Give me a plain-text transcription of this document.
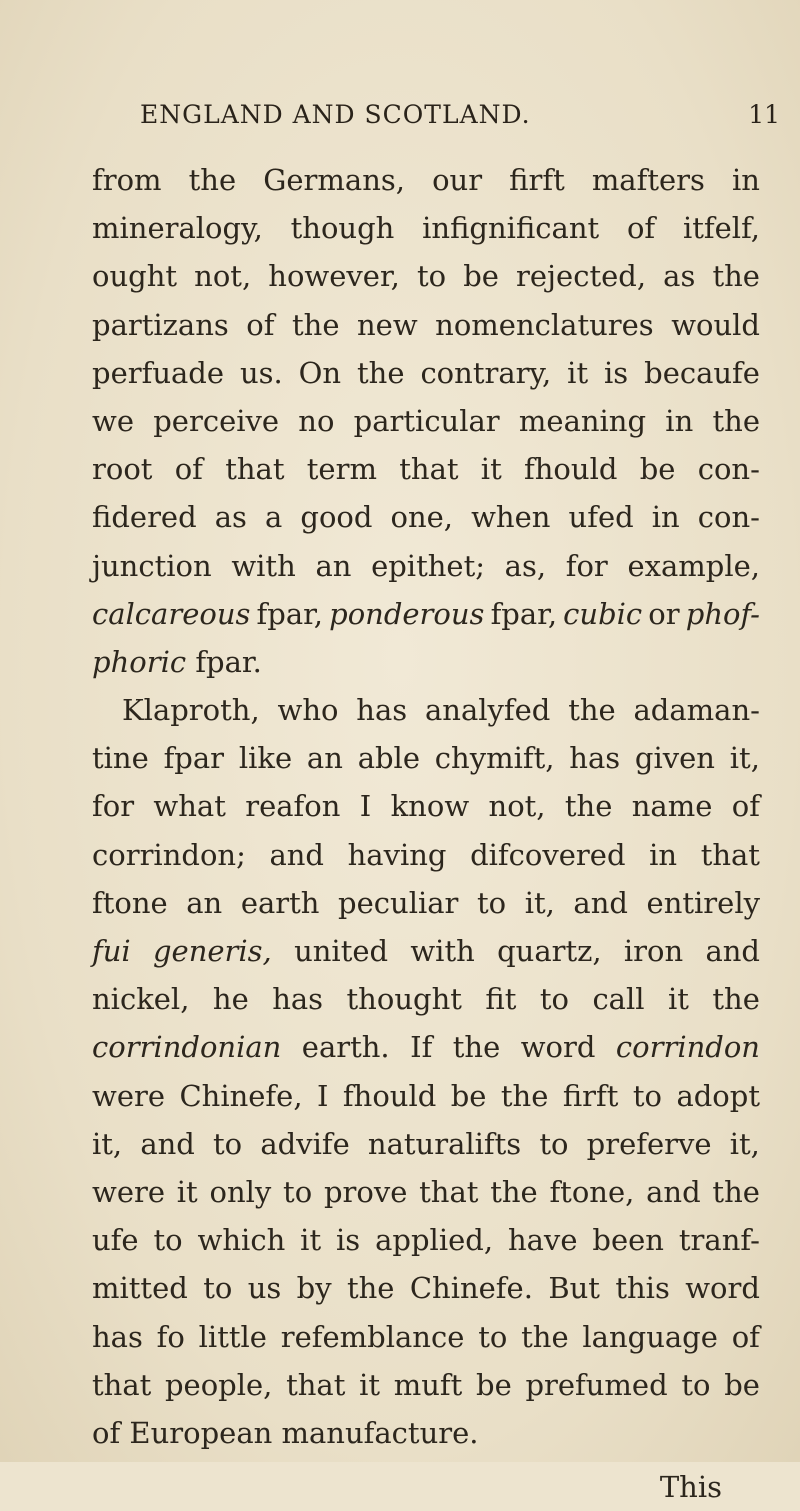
ENGLAND AND SCOTLAND.	11
from the Germans, our firft mafters in
mineralogy, though infignificant of itfelf,
ought not, however, to be rejected, as the
partizans of the new nomenclatures would
perfuade us. On the contrary, it is becaufe
we perceive no particular meaning in the
root of that term that it fhould be con-
fidered as a good one, when ufed in con-
junction with an epithet; as, for example,
calcareous fpar, ponderous fpar, cubic or phof-
phoric
fpar.
Klaproth, who has analyfed the adaman-
tine fpar like an able chymift, has given it,
for what reafon I know not, the name of
corrindon; and having difcovered in that
ftone an earth peculiar to it, and entirely
fui generis, united with quartz, iron and
nickel, he has thought fit to call it the
corrindonian earth. If the word corrindon
were Chinefe, I fhould be the firft to adopt
it, and to advife naturalifts to preferve it,
were it only to prove that the ftone, and the
ufe to which it is applied, have been tranf-
mitted to us by the Chinefe. But this word
has fo little refemblance to the language of
that people, that it muft be prefumed to be
of
European
manufacture.
This
